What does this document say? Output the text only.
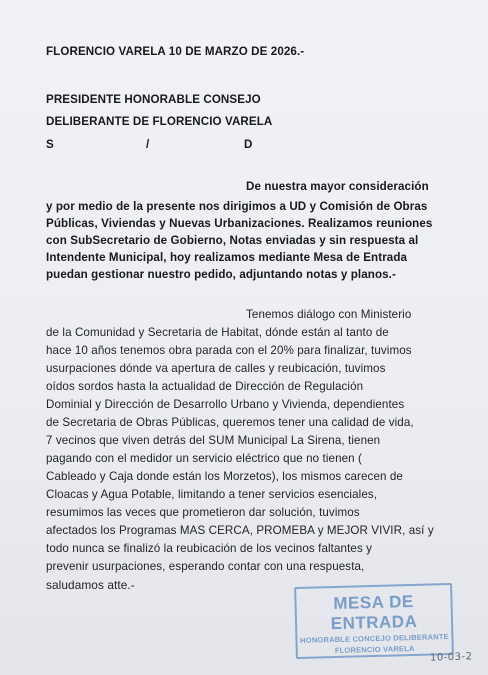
FLORENCIO VARELA 10 DE MARZO DE 2026.-
PRESIDENTE HONORABLE CONSEJO
DELIBERANTE DE FLORENCIO VARELA
S	/	D
De nuestra mayor consideración
y por medio de la presente nos dirigimos a UD y Comisión de Obras
Públicas, Viviendas y Nuevas Urbanizaciones. Realizamos reuniones
con SubSecretario de Gobierno, Notas enviadas y sin respuesta al
Intendente Municipal, hoy realizamos mediante Mesa de Entrada
puedan gestionar nuestro pedido, adjuntando notas y planos.-
Tenemos diálogo con Ministerio
de la Comunidad y Secretaria de Habitat, dónde están al tanto de
hace 10 años tenemos obra parada con el 20% para finalizar, tuvimos
usurpaciones dónde va apertura de calles y reubicación, tuvimos
oídos sordos hasta la actualidad de Dirección de Regulación
Dominial y Dirección de Desarrollo Urbano y Vivienda, dependientes
de Secretaria de Obras Públicas, queremos tener una calidad de vida,
7 vecinos que viven detrás del SUM Municipal La Sirena, tienen
pagando con el medidor un servicio eléctrico que no tienen (
Cableado y Caja donde están los Morzetos), los mismos carecen de
Cloacas y Agua Potable, limitando a tener servicios esenciales,
resumimos las veces que prometieron dar solución, tuvimos
afectados los Programas MAS CERCA, PROMEBA y MEJOR VIVIR, así y
todo nunca se finalizó la reubicación de los vecinos faltantes y
prevenir usurpaciones, esperando contar con una respuesta,
saludamos atte.-
MESA DE ENTRADA
HONORABLE CONCEJO DELIBERANTE
FLORENCIO VARELA
10-03-2
